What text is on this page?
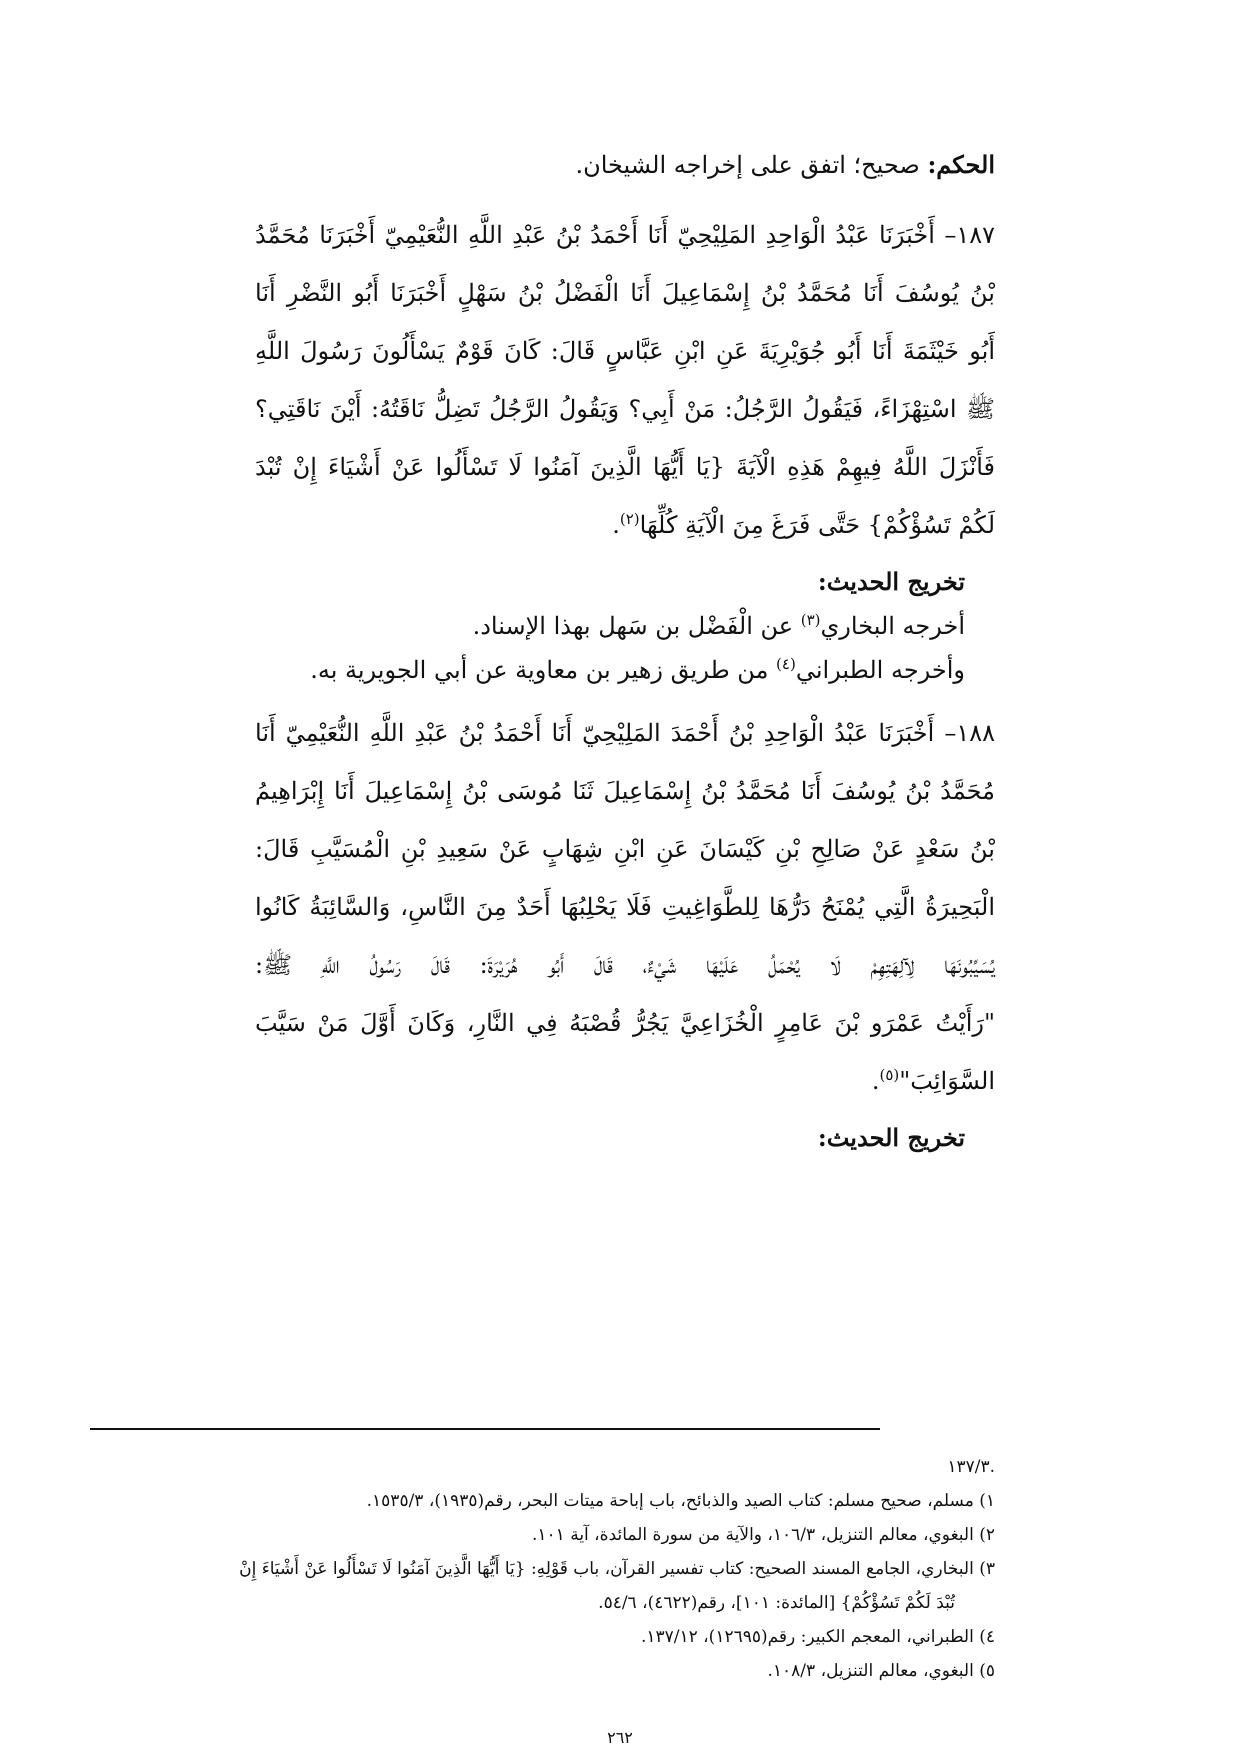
الحكم: صحيح؛ اتفق على إخراجه الشيخان.

١٨٧– أَخْبَرَنَا عَبْدُ الْوَاحِدِ المَلِيْحِيّ أَنَا أَحْمَدُ بْنُ عَبْدِ اللَّهِ النُّعَيْمِيّ أَخْبَرَنَا مُحَمَّدُ

بْنُ يُوسُفَ أَنَا مُحَمَّدُ بْنُ إِسْمَاعِيلَ أَنَا الْفَضْلُ بْنُ سَهْلٍ أَخْبَرَنَا أَبُو النَّضْرِ أَنَا

أَبُو خَيْثَمَةَ أَنَا أَبُو جُوَيْرِيَةَ عَنِ ابْنِ عَبَّاسٍ قَالَ: كَانَ قَوْمٌ يَسْأَلُونَ رَسُولَ اللَّهِ

ﷺ اسْتِهْزَاءً، فَيَقُولُ الرَّجُلُ: مَنْ أَبِي؟ وَيَقُولُ الرَّجُلُ تَضِلُّ نَاقَتُهُ: أَيْنَ نَاقَتِي؟

فَأَنْزَلَ اللَّهُ فِيهِمْ هَذِهِ الْآيَةَ {يَا أَيُّهَا الَّذِينَ آمَنُوا لَا تَسْأَلُوا عَنْ أَشْيَاءَ إِنْ تُبْدَ

لَكُمْ تَسُؤْكُمْ} حَتَّى فَرَغَ مِنَ الْآيَةِ كُلِّهَا$^{(٢)}$.

تخريج الحديث:

أخرجه البخاري$^{(٣)}$ عن الْفَضْل بن سَهل بهذا الإسناد.

وأخرجه الطبراني$^{(٤)}$ من طريق زهير بن معاوية عن أبي الجويرية به.

١٨٨– أَخْبَرَنَا عَبْدُ الْوَاحِدِ بْنُ أَحْمَدَ المَلِيْحِيّ أَنَا أَحْمَدُ بْنُ عَبْدِ اللَّهِ النُّعَيْمِيّ أَنَا

مُحَمَّدُ بْنُ يُوسُفَ أَنَا مُحَمَّدُ بْنُ إِسْمَاعِيلَ ثَنَا مُوسَى بْنُ إِسْمَاعِيلَ أَنَا إِبْرَاهِيمُ

بْنُ سَعْدٍ عَنْ صَالِحِ بْنِ كَيْسَانَ عَنِ ابْنِ شِهَابٍ عَنْ سَعِيدِ بْنِ الْمُسَيَّبِ قَالَ:

الْبَحِيرَةُ الَّتِي يُمْنَحُ دَرُّهَا لِلطَّوَاغِيتِ فَلَا يَحْلِبُهَا أَحَدٌ مِنَ النَّاسِ، وَالسَّائِبَةُ كَانُوا

يُسَيِّبُونَهَا لِآلِهَتِهِمْ لَا يُحْمَلُ عَلَيْهَا شَيْءٌ، قَالَ أَبُو هُرَيْرَةَ: قَالَ رَسُولُ اللَّهِ ﷺ:

"رَأَيْتُ عَمْرَو بْنَ عَامِرٍ الْخُزَاعِيَّ يَجُرُّ قُصْبَهُ فِي النَّارِ، وَكَانَ أَوَّلَ مَنْ سَيَّبَ

السَّوَائِبَ"$^{(٥)}$.

تخريج الحديث:

.١٣٧/٣

١) مسلم، صحيح مسلم: كتاب الصيد والذبائح، باب إباحة ميتات البحر، رقم(١٩٣٥)، ١٥٣٥/٣.

٢) البغوي، معالم التنزيل، ١٠٦/٣، والآية من سورة المائدة، آية ١٠١.

٣) البخاري، الجامع المسند الصحيح: كتاب تفسير القرآن، باب قَوْلِهِ: {يَا أَيُّهَا الَّذِينَ آمَنُوا لَا تَسْأَلُوا عَنْ أَشْيَاءَ إِنْ

تُبْدَ لَكُمْ تَسُؤْكُمْ} [المائدة: ١٠١]، رقم(٤٦٢٢)، ٥٤/٦.

٤) الطبراني، المعجم الكبير: رقم(١٢٦٩٥)، ١٣٧/١٢.

٥) البغوي، معالم التنزيل، ١٠٨/٣.

٢٦٢
